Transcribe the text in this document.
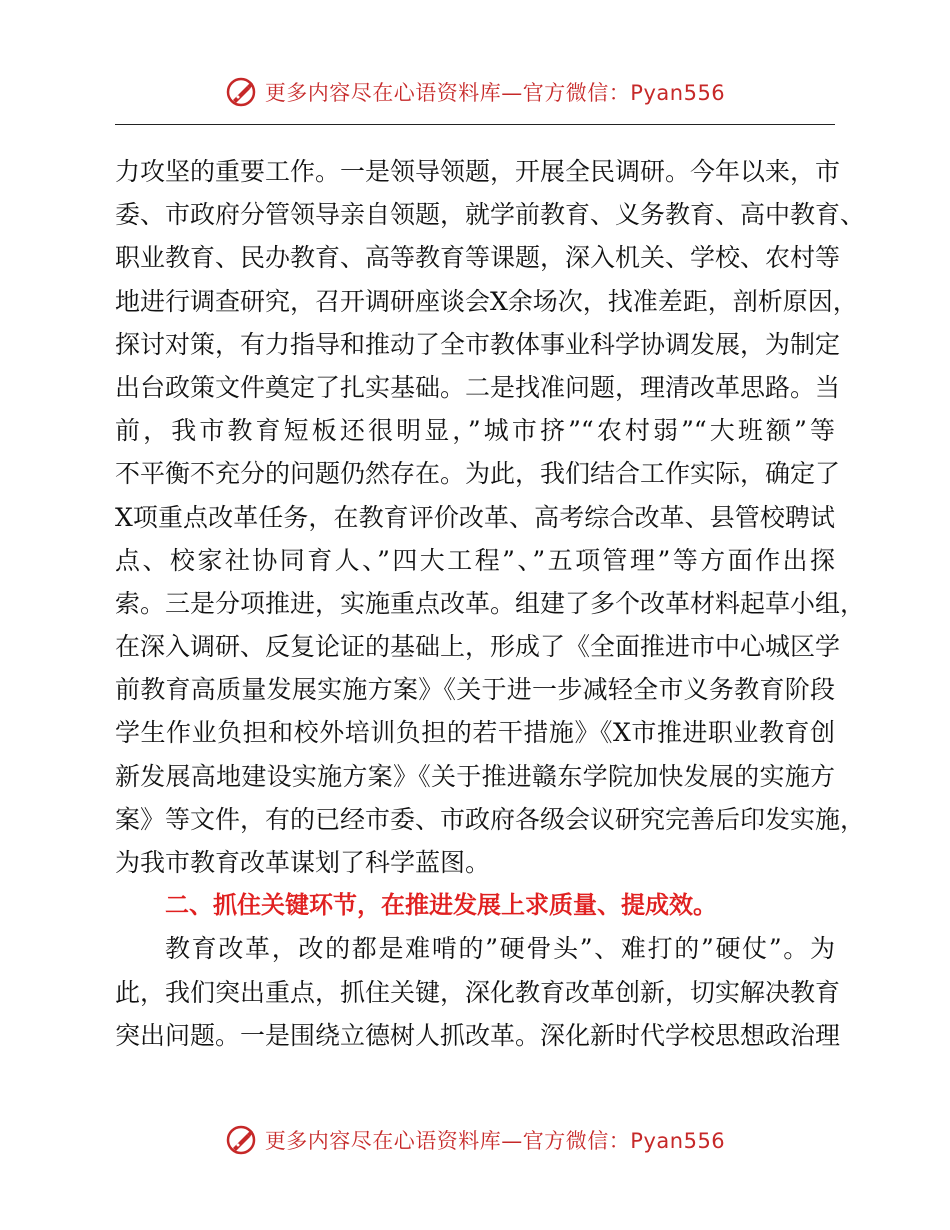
更多内容尽在心语资料库—官方微信：Pyan556
力攻坚的重要工作。一是领导领题，开展全民调研。今年以来，市
委、市政府分管领导亲自领题，就学前教育、义务教育、高中教育、
职业教育、民办教育、高等教育等课题，深入机关、学校、农村等
地进行调查研究，召开调研座谈会X余场次，找准差距，剖析原因，
探讨对策，有力指导和推动了全市教体事业科学协调发展，为制定
出台政策文件奠定了扎实基础。二是找准问题，理清改革思路。当
前，我市教育短板还很明显，”城市挤”“农村弱”“大班额”等
不平衡不充分的问题仍然存在。为此，我们结合工作实际，确定了
X项重点改革任务，在教育评价改革、高考综合改革、县管校聘试
点、校家社协同育人、”四大工程”、”五项管理”等方面作出探
索。三是分项推进，实施重点改革。组建了多个改革材料起草小组，
在深入调研、反复论证的基础上，形成了《全面推进市中心城区学
前教育高质量发展实施方案》《关于进一步减轻全市义务教育阶段
学生作业负担和校外培训负担的若干措施》《X市推进职业教育创
新发展高地建设实施方案》《关于推进赣东学院加快发展的实施方
案》等文件，有的已经市委、市政府各级会议研究完善后印发实施，
为我市教育改革谋划了科学蓝图。
二、抓住关键环节，在推进发展上求质量、提成效。
教育改革，改的都是难啃的”硬骨头”、难打的”硬仗”。为
此，我们突出重点，抓住关键，深化教育改革创新，切实解决教育
突出问题。一是围绕立德树人抓改革。深化新时代学校思想政治理
更多内容尽在心语资料库—官方微信：Pyan556
